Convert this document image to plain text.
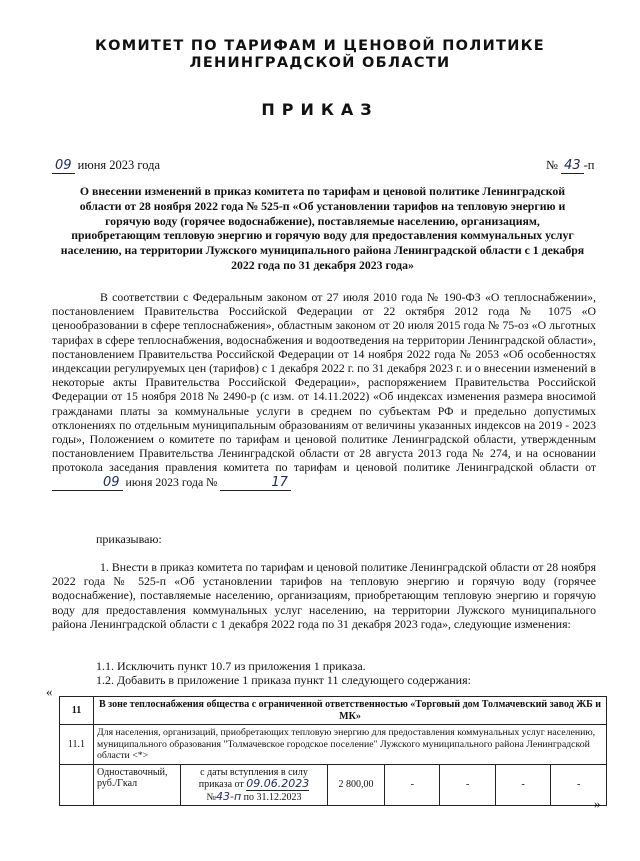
КОМИТЕТ ПО ТАРИФАМ И ЦЕНОВОЙ ПОЛИТИКЕ
ЛЕНИНГРАДСКОЙ ОБЛАСТИ
ПРИКАЗ
09 июня 2023 года	№ 43 -п
О внесении изменений в приказ комитета по тарифам и ценовой политике Ленинградской области от 28 ноября 2022 года № 525-п «Об установлении тарифов на тепловую энергию и горячую воду (горячее водоснабжение), поставляемые населению, организациям, приобретающим тепловую энергию и горячую воду для предоставления коммунальных услуг населению, на территории Лужского муниципального района Ленинградской области с 1 декабря 2022 года по 31 декабря 2023 года»
В соответствии с Федеральным законом от 27 июля 2010 года № 190-ФЗ «О теплоснабжении», постановлением Правительства Российской Федерации от 22 октября 2012 года № 1075 «О ценообразовании в сфере теплоснабжения», областным законом от 20 июля 2015 года № 75-оз «О льготных тарифах в сфере теплоснабжения, водоснабжения и водоотведения на территории Ленинградской области», постановлением Правительства Российской Федерации от 14 ноября 2022 года № 2053 «Об особенностях индексации регулируемых цен (тарифов) с 1 декабря 2022 г. по 31 декабря 2023 г. и о внесении изменений в некоторые акты Правительства Российской Федерации», распоряжением Правительства Российской Федерации от 15 ноября 2018 № 2490-р (с изм. от 14.11.2022) «Об индексах изменения размера вносимой гражданами платы за коммунальные услуги в среднем по субъектам РФ и предельно допустимых отклонениях по отдельным муниципальным образованиям от величины указанных индексов на 2019 - 2023 годы», Положением о комитете по тарифам и ценовой политике Ленинградской области, утвержденным постановлением Правительства Ленинградской области от 28 августа 2013 года № 274, и на основании протокола заседания правления комитета по тарифам и ценовой политике Ленинградской области от 09 июня 2023 года №	17
приказываю:
1. Внести в приказ комитета по тарифам и ценовой политике Ленинградской области от 28 ноября 2022 года № 525-п «Об установлении тарифов на тепловую энергию и горячую воду (горячее водоснабжение), поставляемые населению, организациям, приобретающим тепловую энергию и горячую воду для предоставления коммунальных услуг населению, на территории Лужского муниципального района Ленинградской области с 1 декабря 2022 года по 31 декабря 2023 года», следующие изменения:
1.1. Исключить пункт 10.7 из приложения 1 приказа.
1.2. Добавить в приложение 1 приказа пункт 11 следующего содержания:
«
11	В зоне теплоснабжения общества с ограниченной ответственностью «Торговый дом Толмачевский завод ЖБ и МК»						
11.1	Для населения, организаций, приобретающих тепловую энергию для предоставления коммунальных услуг населению, муниципального образования "Толмачевское городское поселение" Лужского муниципального района Ленинградской области <*>						
	Одноставочный, руб./Гкал	с даты вступления в силу приказа от 09.06.2023
№43-п по 31.12.2023	2 800,00	-	-	-	-
»
